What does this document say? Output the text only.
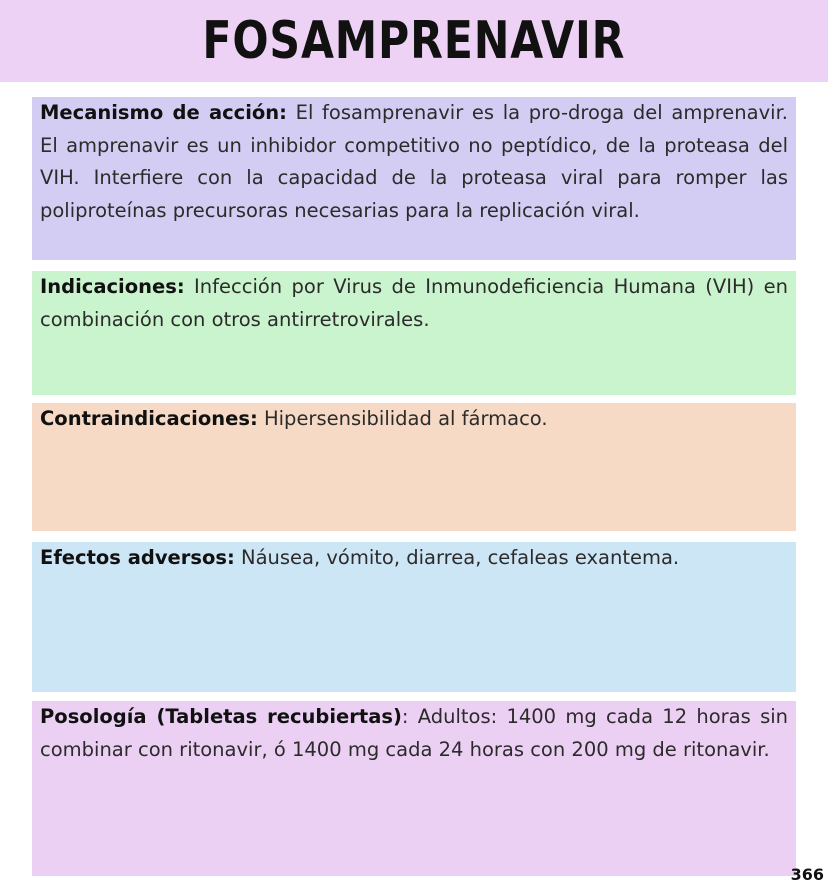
FOSAMPRENAVIR
Mecanismo de acción: El fosamprenavir es la pro-droga del amprenavir. El amprenavir es un inhibidor competitivo no peptídico, de la proteasa del VIH. Interfiere con la capacidad de la proteasa viral para romper las poliproteínas precursoras necesarias para la replicación viral.
Indicaciones: Infección por Virus de Inmunodeficiencia Humana (VIH) en combinación con otros antirretrovirales.
Contraindicaciones: Hipersensibilidad al fármaco.
Efectos adversos: Náusea, vómito, diarrea, cefaleas exantema.
Posología (Tabletas recubiertas): Adultos: 1400 mg cada 12 horas sin combinar con ritonavir, ó 1400 mg cada 24 horas con 200 mg de ritonavir.
366
